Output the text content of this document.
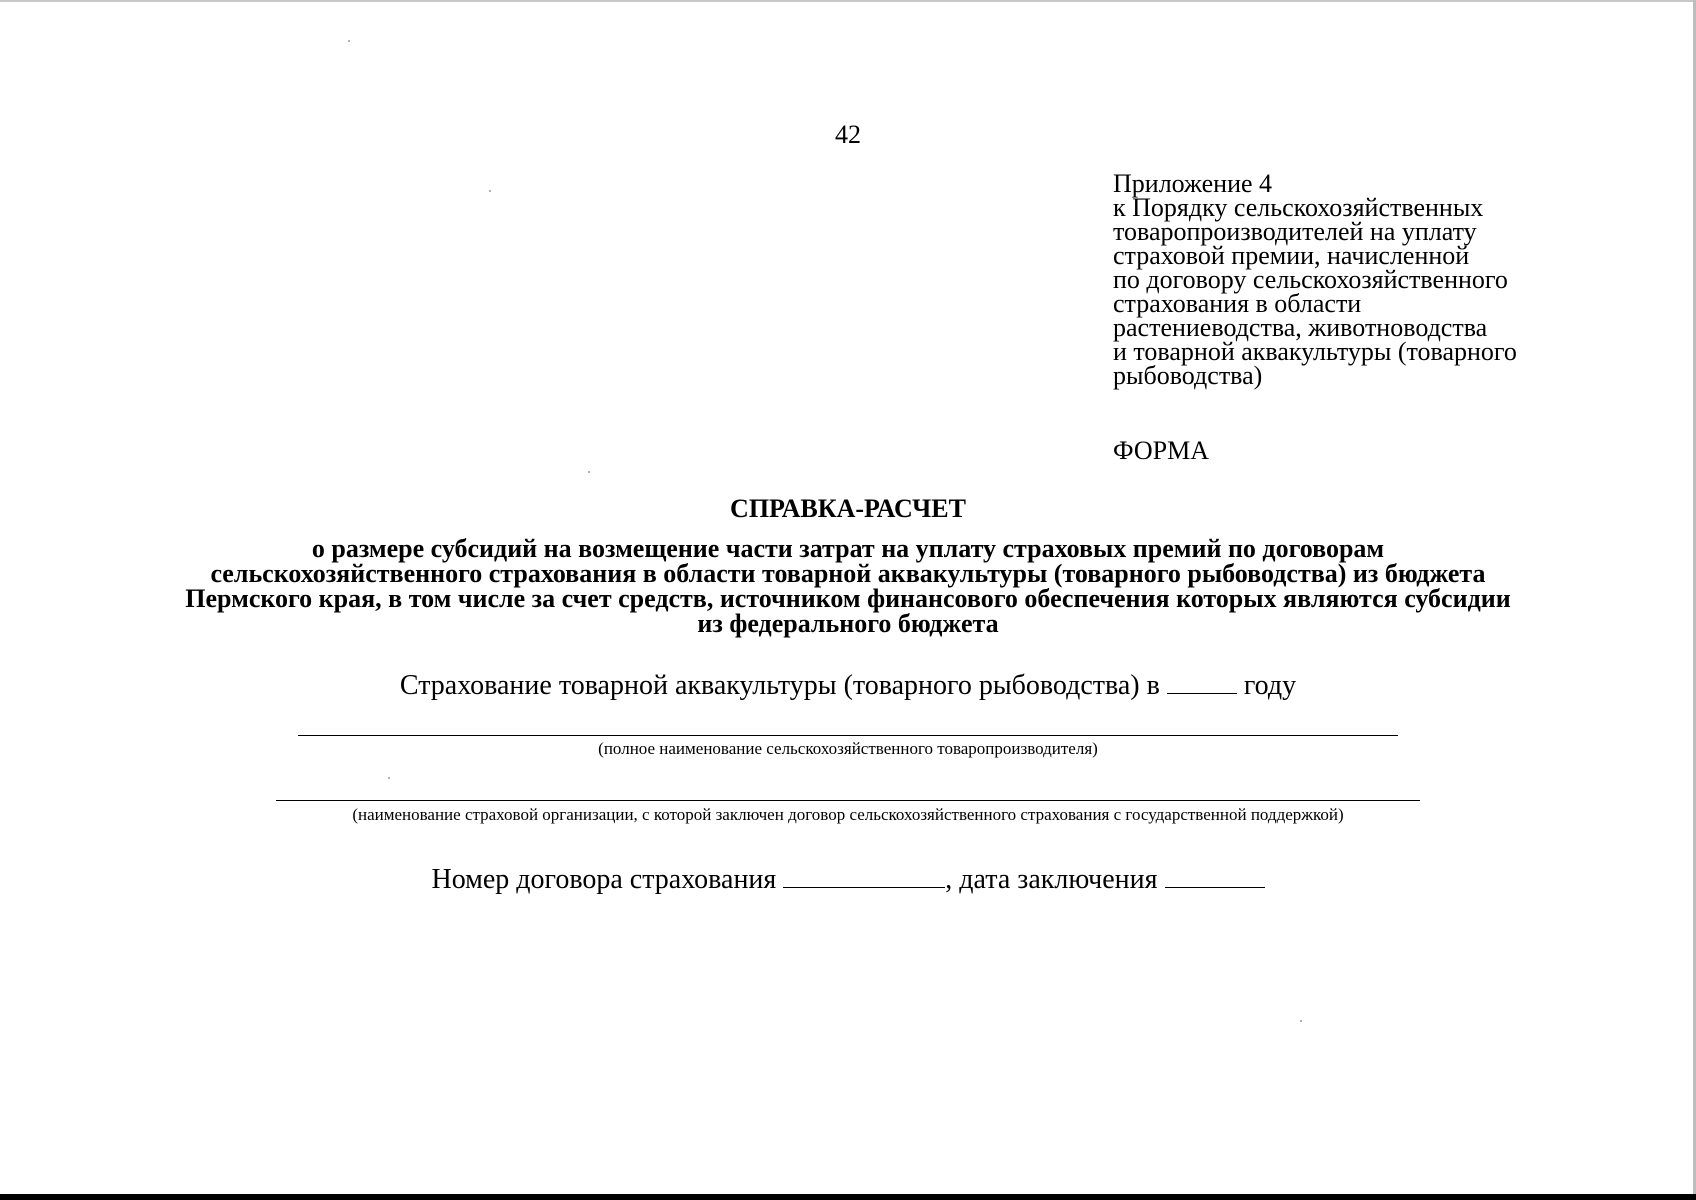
42
Приложение 4
к Порядку сельскохозяйственных
товаропроизводителей на уплату
страховой премии, начисленной
по договору сельскохозяйственного
страхования в области
растениеводства, животноводства
и товарной аквакультуры (товарного
рыбоводства)
ФОРМА
СПРАВКА-РАСЧЕТ
о размере субсидий на возмещение части затрат на уплату страховых премий по договорам
сельскохозяйственного страхования в области товарной аквакультуры (товарного рыбоводства) из бюджета
Пермского края, в том числе за счет средств, источником финансового обеспечения которых являются субсидии
из федерального бюджета
Страхование товарной аквакультуры (товарного рыбоводства) в	году
(полное наименование сельскохозяйственного товаропроизводителя)
(наименование страховой организации, с которой заключен договор сельскохозяйственного страхования с государственной поддержкой)
Номер договора страхования	, дата заключения
